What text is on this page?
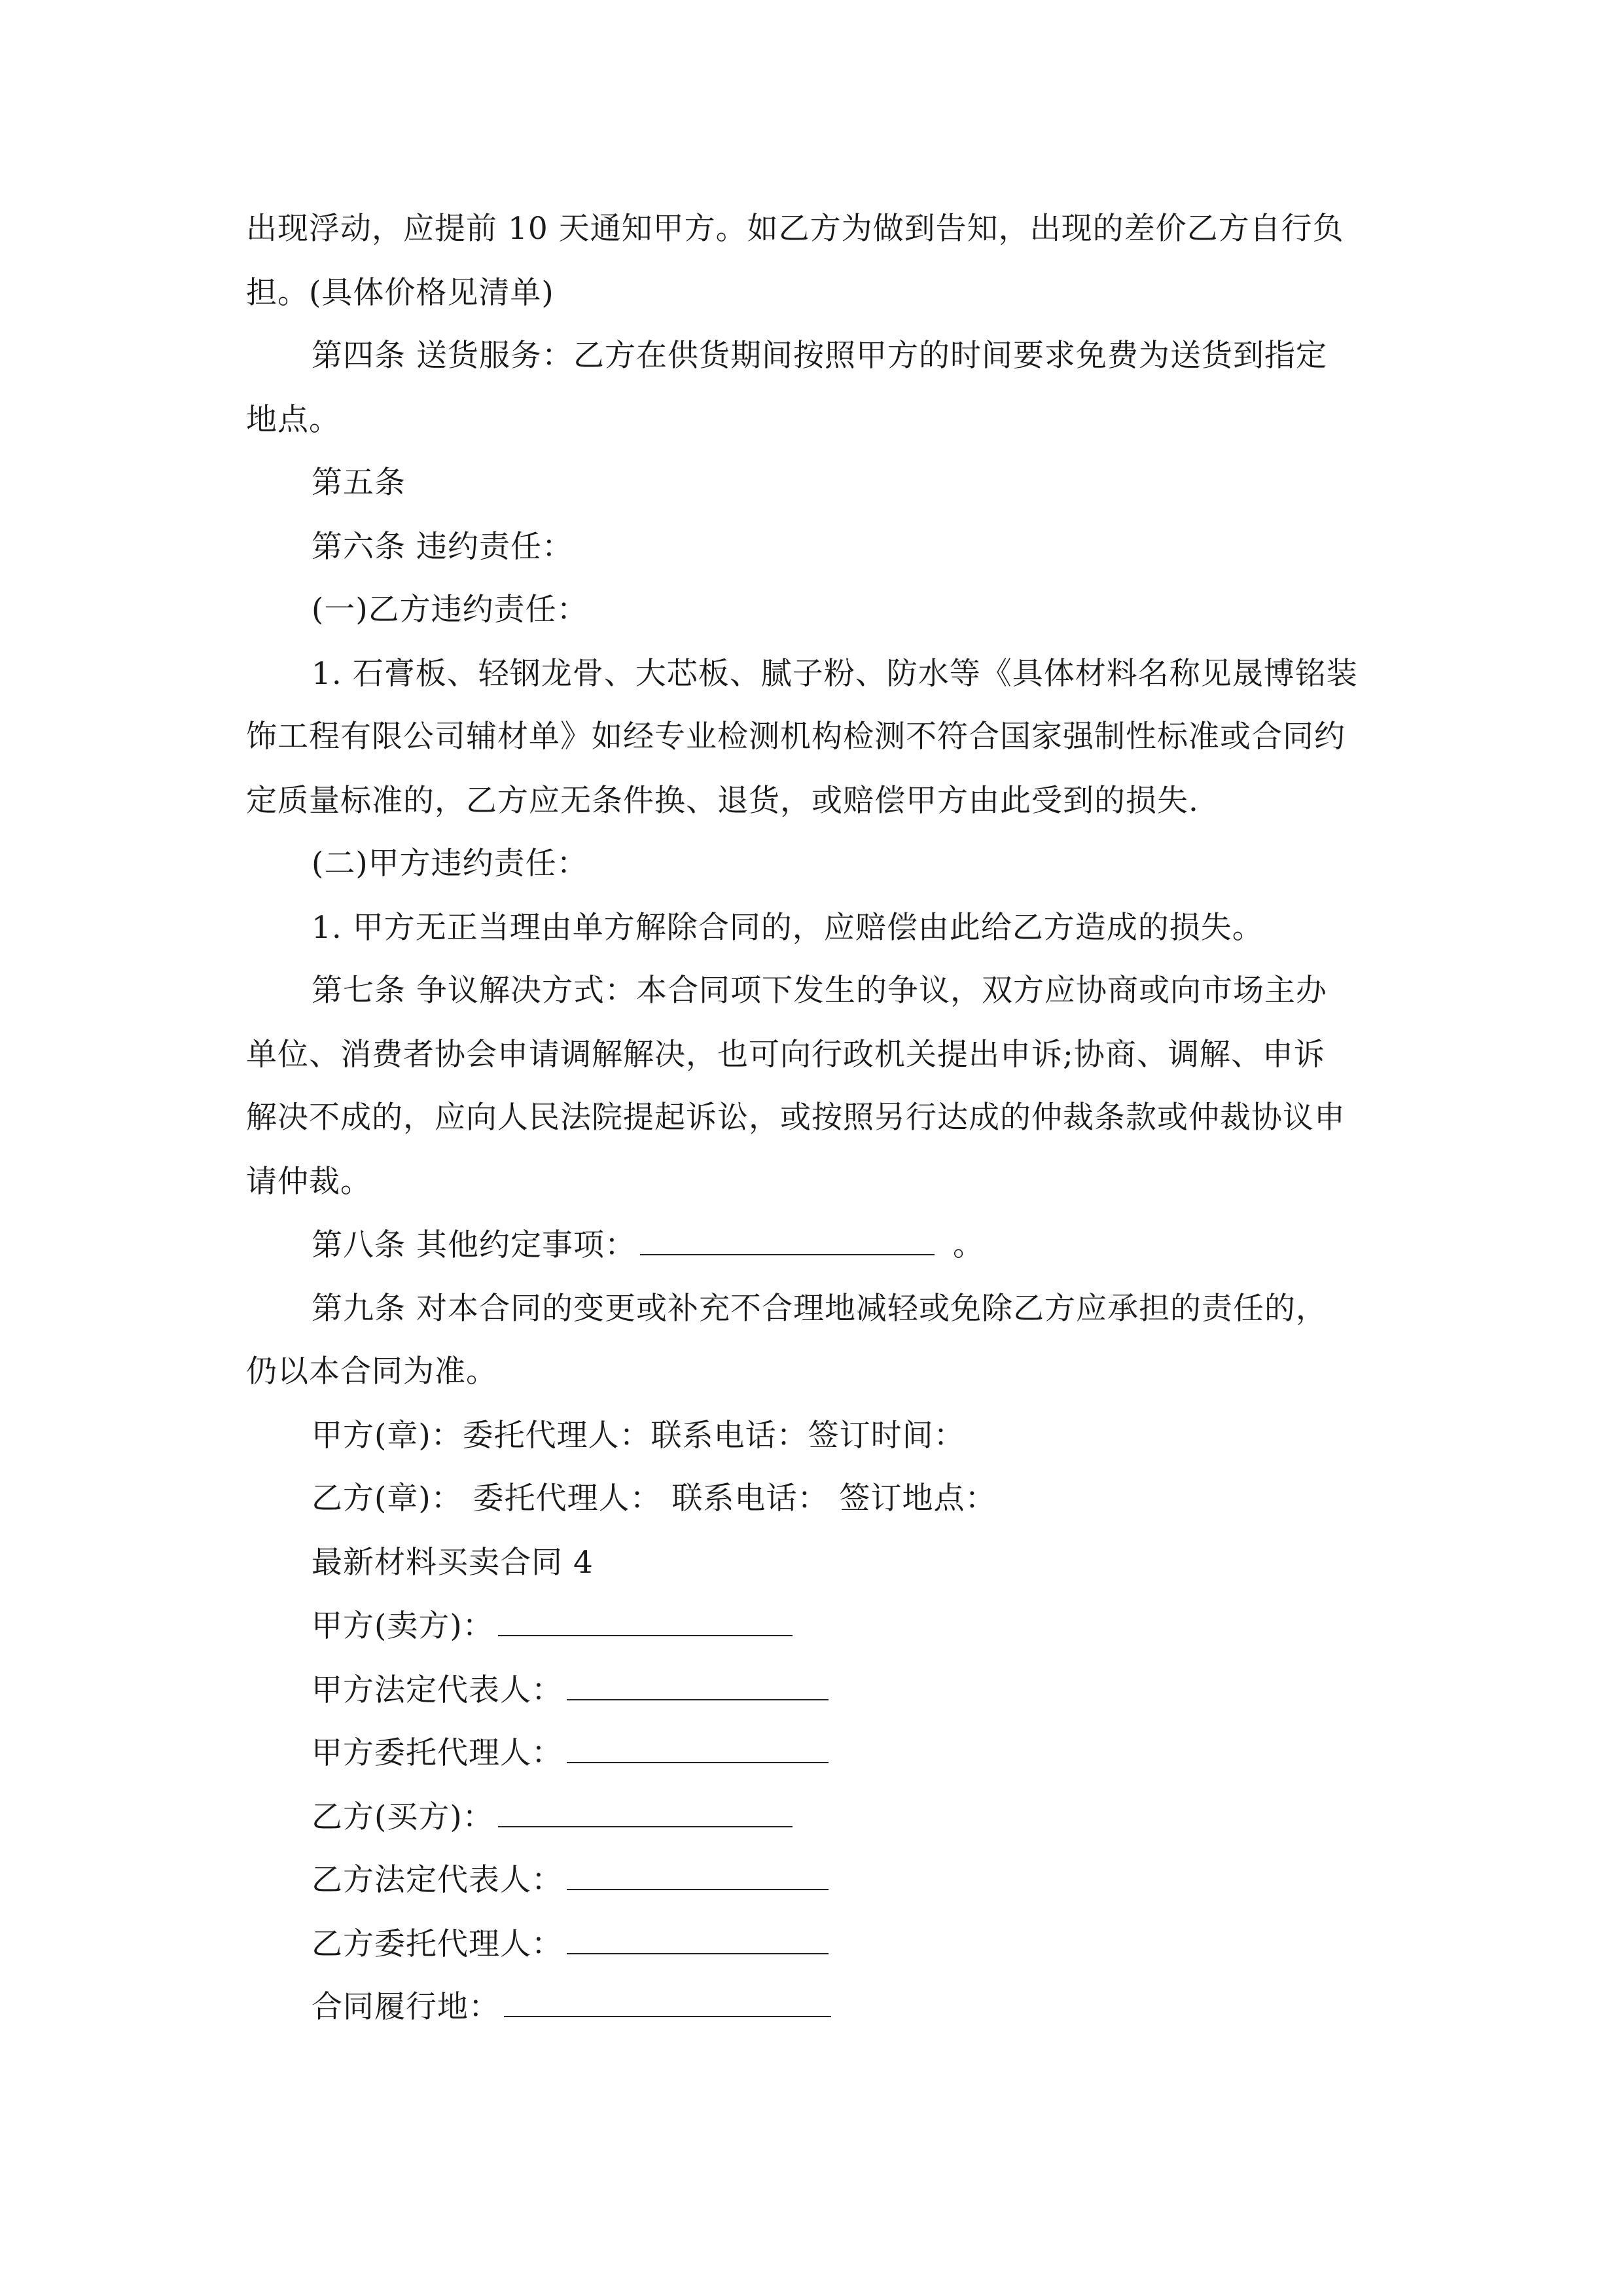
出现浮动，应提前 10 天通知甲方。如乙方为做到告知，出现的差价乙方自行负
担。(具体价格见清单)
第四条 送货服务：乙方在供货期间按照甲方的时间要求免费为送货到指定
地点。
第五条
第六条 违约责任：
(一)乙方违约责任：
1. 石膏板、轻钢龙骨、大芯板、腻子粉、防水等《具体材料名称见晟博铭装
饰工程有限公司辅材单》如经专业检测机构检测不符合国家强制性标准或合同约
定质量标准的，乙方应无条件换、退货，或赔偿甲方由此受到的损失.
(二)甲方违约责任：
1. 甲方无正当理由单方解除合同的，应赔偿由此给乙方造成的损失。
第七条 争议解决方式：本合同项下发生的争议，双方应协商或向市场主办
单位、消费者协会申请调解解决，也可向行政机关提出申诉;协商、调解、申诉
解决不成的，应向人民法院提起诉讼，或按照另行达成的仲裁条款或仲裁协议申
请仲裁。
第八条 其他约定事项：	。
第九条 对本合同的变更或补充不合理地减轻或免除乙方应承担的责任的，
仍以本合同为准。
甲方(章)：委托代理人：联系电话：签订时间：
乙方(章)： 委托代理人： 联系电话： 签订地点：
最新材料买卖合同 4
甲方(卖方)：
甲方法定代表人：
甲方委托代理人：
乙方(买方)：
乙方法定代表人：
乙方委托代理人：
合同履行地：
